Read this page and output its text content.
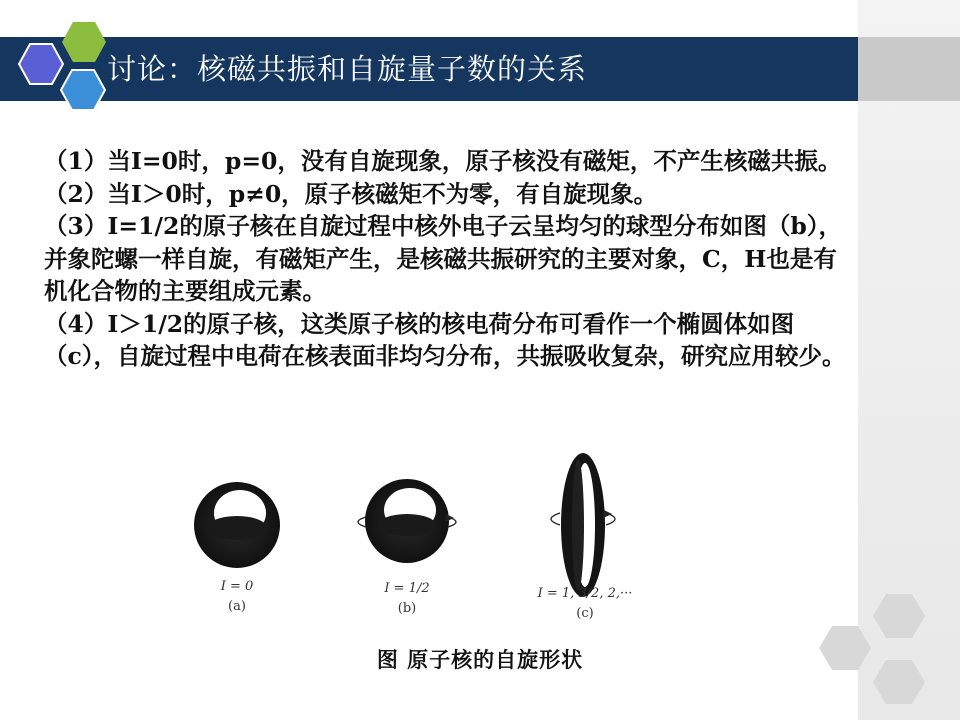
讨论：核磁共振和自旋量子数的关系

（1）当I=0时，p=0，没有自旋现象，原子核没有磁矩，不产生核磁共振。

（2）当I＞0时，p≠0，原子核磁矩不为零，有自旋现象。

（3）I=1/2的原子核在自旋过程中核外电子云呈均匀的球型分布如图（b），并象陀螺一样自旋，有磁矩产生，是核磁共振研究的主要对象，C，H也是有机化合物的主要组成元素。

（4）I＞1/2的原子核，这类原子核的核电荷分布可看作一个椭圆体如图（c），自旋过程中电荷在核表面非均匀分布，共振吸收复杂，研究应用较少。

I = 0
(a)
I = 1/2
(b)
I = 1, 3/2, 2,···
(c)
图 原子核的自旋形状
